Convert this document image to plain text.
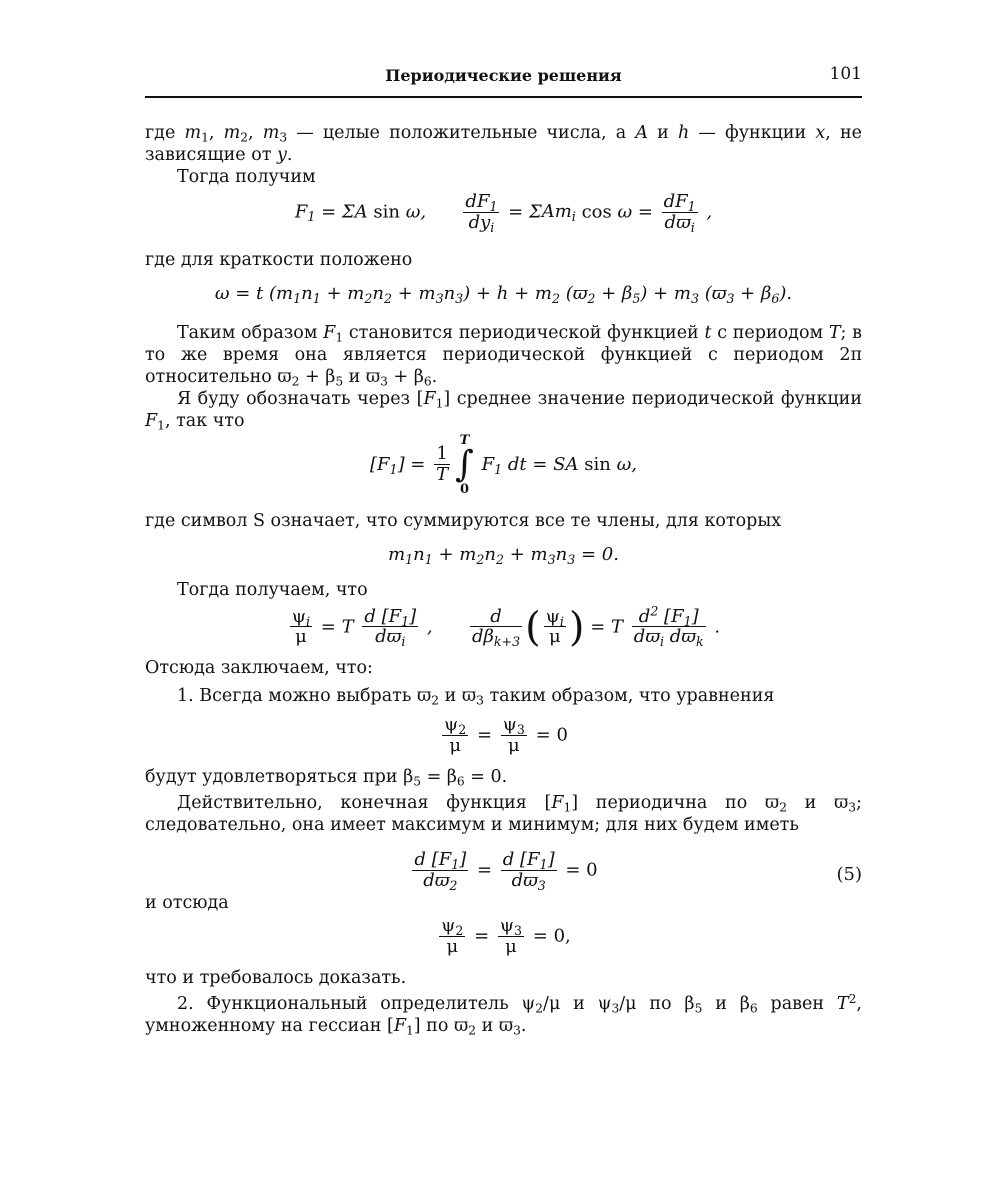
Периодические решения	101

где $m_1$, $m_2$, $m_3$ — целые положительные числа, а A и h — функции x, не зависящие от y.

Тогда получим

$F_1 = \Sigma A$ sin ω, $\frac{dF_1}{dy_i} = \Sigma Am_i$ $\cos \omega = \frac{dF_1}{dϖ_i}$ ,

где для краткости положено

ω = t $(m_1n_1 + m_2n_2 + m_3n_3) + h + m_2$ $(ϖ_2 + \beta_5) + m_3$ $(ϖ_3 + \beta_6)$.

Таким образом $F_1$ становится периодической функцией t с периодом T; в то же время она является периодической функцией с периодом 2π относительно $ϖ_2 + \beta_5$ и $ϖ_3 + \beta_6$.

Я буду обозначать через $[F_1]$ среднее значение периодической функции $F_1$, так что

$[F_1] = \frac{1}{T}$
T
∫
0
$F_1$ dt = SA sin ω,

где символ S означает, что суммируются все те члены, для которых

$m_1n_1 + m_2n_2 + m_3n_3 = 0$.

Тогда получаем, что

$\frac{\psi_i}{\mu} = T \frac{d [F_1]}{dϖ_i}$ , $\frac{d}{d\beta_{k+3}}$ ( $\frac{\psi_i}{\mu}$ ) = T $\frac{d^2 [F_1]}{dϖ_i dϖ_k}$ .

Отсюда заключаем, что:

1. Всегда можно выбрать $ϖ_2$ и $ϖ_3$ таким образом, что уравнения

$\frac{\psi_2}{\mu} = \frac{\psi_3}{\mu} = 0$

будут удовлетворяться при $\beta_5 = \beta_6 = 0$.

Действительно, конечная функция $[F_1]$ периодична по $ϖ_2$ и $ϖ_3$; следовательно, она имеет максимум и минимум; для них будем иметь

$\frac{d [F_1]}{dϖ_2} = \frac{d [F_1]}{dϖ_3} = 0$	(5)

и отсюда

$\frac{\psi_2}{\mu} = \frac{\psi_3}{\mu} = 0$,

что и требовалось доказать.

2. Функциональный определитель $\psi_2/\mu$ и $\psi_3/\mu$ по $\beta_5$ и $\beta_6$ равен $T^2$, умноженному на гессиан $[F_1]$ по $ϖ_2$ и $ϖ_3$.
